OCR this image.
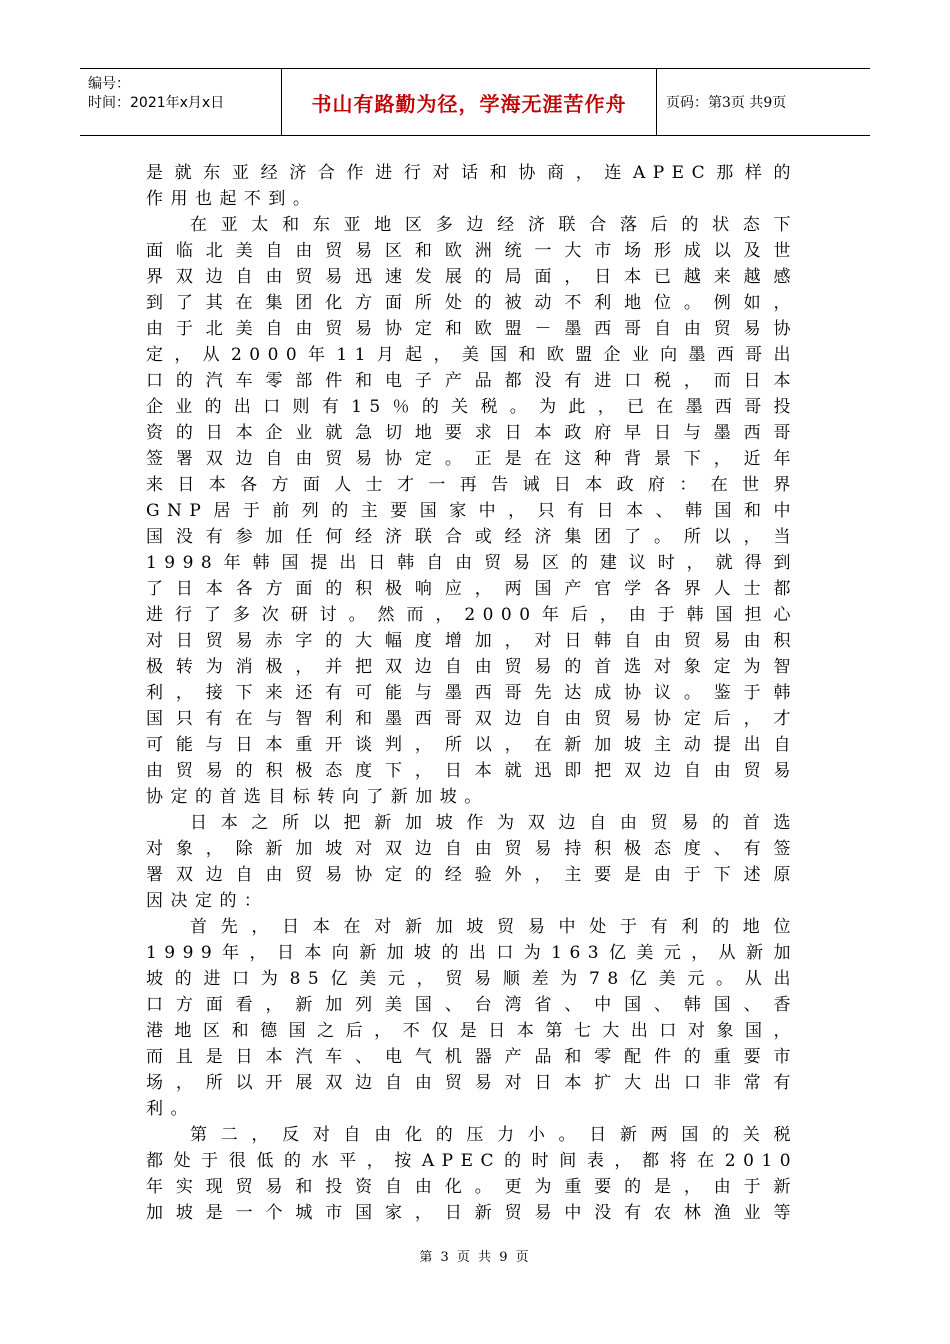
编号：
时间：2021年x月x日	书山有路勤为径，学海无涯苦作舟	页码：第3页 共9页
是就东亚经济合作进行对话和协商，连APEC那样的
作用也起不到。
在亚太和东亚地区多边经济联合落后的状态下
面临北美自由贸易区和欧洲统一大市场形成以及世
界双边自由贸易迅速发展的局面，日本已越来越感
到了其在集团化方面所处的被动不利地位。例如，
由于北美自由贸易协定和欧盟－墨西哥自由贸易协
定，从2000年11月起，美国和欧盟企业向墨西哥出
口的汽车零部件和电子产品都没有进口税，而日本
企业的出口则有15％的关税。为此，已在墨西哥投
资的日本企业就急切地要求日本政府早日与墨西哥
签署双边自由贸易协定。正是在这种背景下，近年
来日本各方面人士才一再告诫日本政府：在世界
GNP居于前列的主要国家中，只有日本、韩国和中
国没有参加任何经济联合或经济集团了。所以，当
1998年韩国提出日韩自由贸易区的建议时，就得到
了日本各方面的积极响应，两国产官学各界人士都
进行了多次研讨。然而，2000年后，由于韩国担心
对日贸易赤字的大幅度增加，对日韩自由贸易由积
极转为消极，并把双边自由贸易的首选对象定为智
利，接下来还有可能与墨西哥先达成协议。鉴于韩
国只有在与智利和墨西哥双边自由贸易协定后，才
可能与日本重开谈判，所以，在新加坡主动提出自
由贸易的积极态度下，日本就迅即把双边自由贸易
协定的首选目标转向了新加坡。
日本之所以把新加坡作为双边自由贸易的首选
对象，除新加坡对双边自由贸易持积极态度、有签
署双边自由贸易协定的经验外，主要是由于下述原
因决定的：
首先，日本在对新加坡贸易中处于有利的地位
1999年，日本向新加坡的出口为163亿美元，从新加
坡的进口为85亿美元，贸易顺差为78亿美元。从出
口方面看，新加列美国、台湾省、中国、韩国、香
港地区和德国之后，不仅是日本第七大出口对象国，
而且是日本汽车、电气机器产品和零配件的重要市
场，所以开展双边自由贸易对日本扩大出口非常有
利。
第二，反对自由化的压力小。日新两国的关税
都处于很低的水平，按APEC的时间表，都将在2010
年实现贸易和投资自由化。更为重要的是，由于新
加坡是一个城市国家，日新贸易中没有农林渔业等
第 3 页 共 9 页
